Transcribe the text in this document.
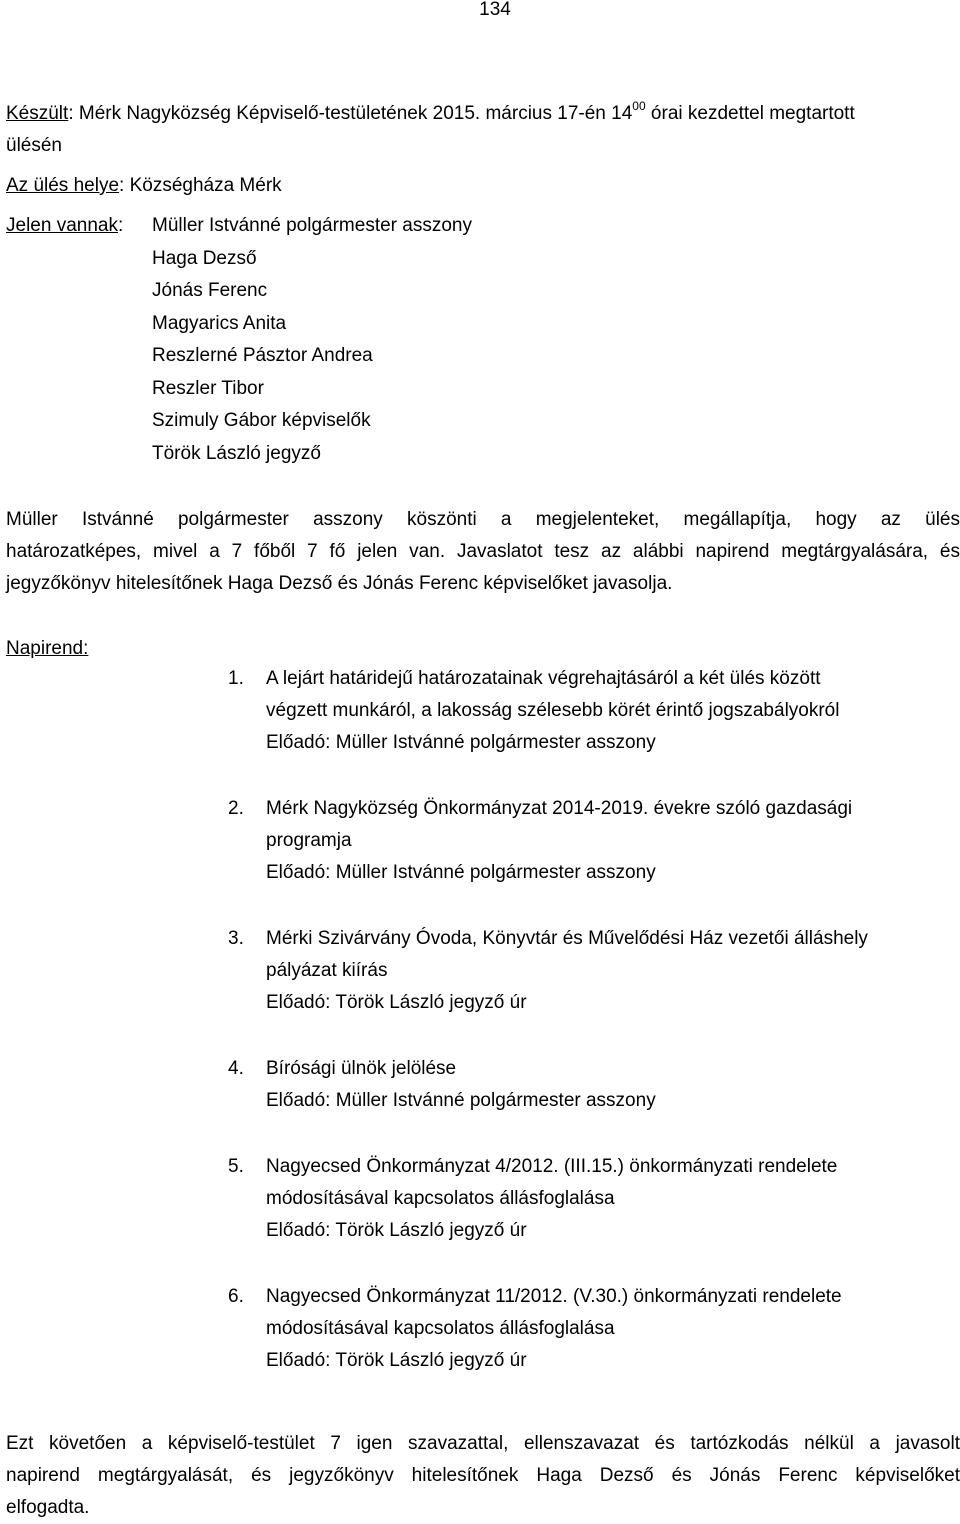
134
Készült: Mérk Nagyközség Képviselő-testületének 2015. március 17-én $14^{00}$ órai kezdettel megtartott
ülésén
Az ülés helye: Községháza Mérk
Jelen vannak: Müller Istvánné polgármester asszony
Haga Dezső
Jónás Ferenc
Magyarics Anita
Reszlerné Pásztor Andrea
Reszler Tibor
Szimuly Gábor képviselők
Török László jegyző
Müller Istvánné polgármester asszony köszönti a megjelenteket, megállapítja, hogy az ülés
határozatképes, mivel a 7 főből 7 fő jelen van. Javaslatot tesz az alábbi napirend megtárgyalására, és
jegyzőkönyv hitelesítőnek Haga Dezső és Jónás Ferenc képviselőket javasolja.
Napirend:
1. A lejárt határidejű határozatainak végrehajtásáról a két ülés között
végzett munkáról, a lakosság szélesebb körét érintő jogszabályokról
Előadó: Müller Istvánné polgármester asszony
2. Mérk Nagyközség Önkormányzat 2014-2019. évekre szóló gazdasági
programja
Előadó: Müller Istvánné polgármester asszony
3. Mérki Szivárvány Óvoda, Könyvtár és Művelődési Ház vezetői álláshely
pályázat kiírás
Előadó: Török László jegyző úr
4. Bírósági ülnök jelölése
Előadó: Müller Istvánné polgármester asszony
5. Nagyecsed Önkormányzat 4/2012. (III.15.) önkormányzati rendelete
módosításával kapcsolatos állásfoglalása
Előadó: Török László jegyző úr
6. Nagyecsed Önkormányzat 11/2012. (V.30.) önkormányzati rendelete
módosításával kapcsolatos állásfoglalása
Előadó: Török László jegyző úr
Ezt követően a képviselő-testület 7 igen szavazattal, ellenszavazat és tartózkodás nélkül a javasolt
napirend megtárgyalását, és jegyzőkönyv hitelesítőnek Haga Dezső és Jónás Ferenc képviselőket
elfogadta.
